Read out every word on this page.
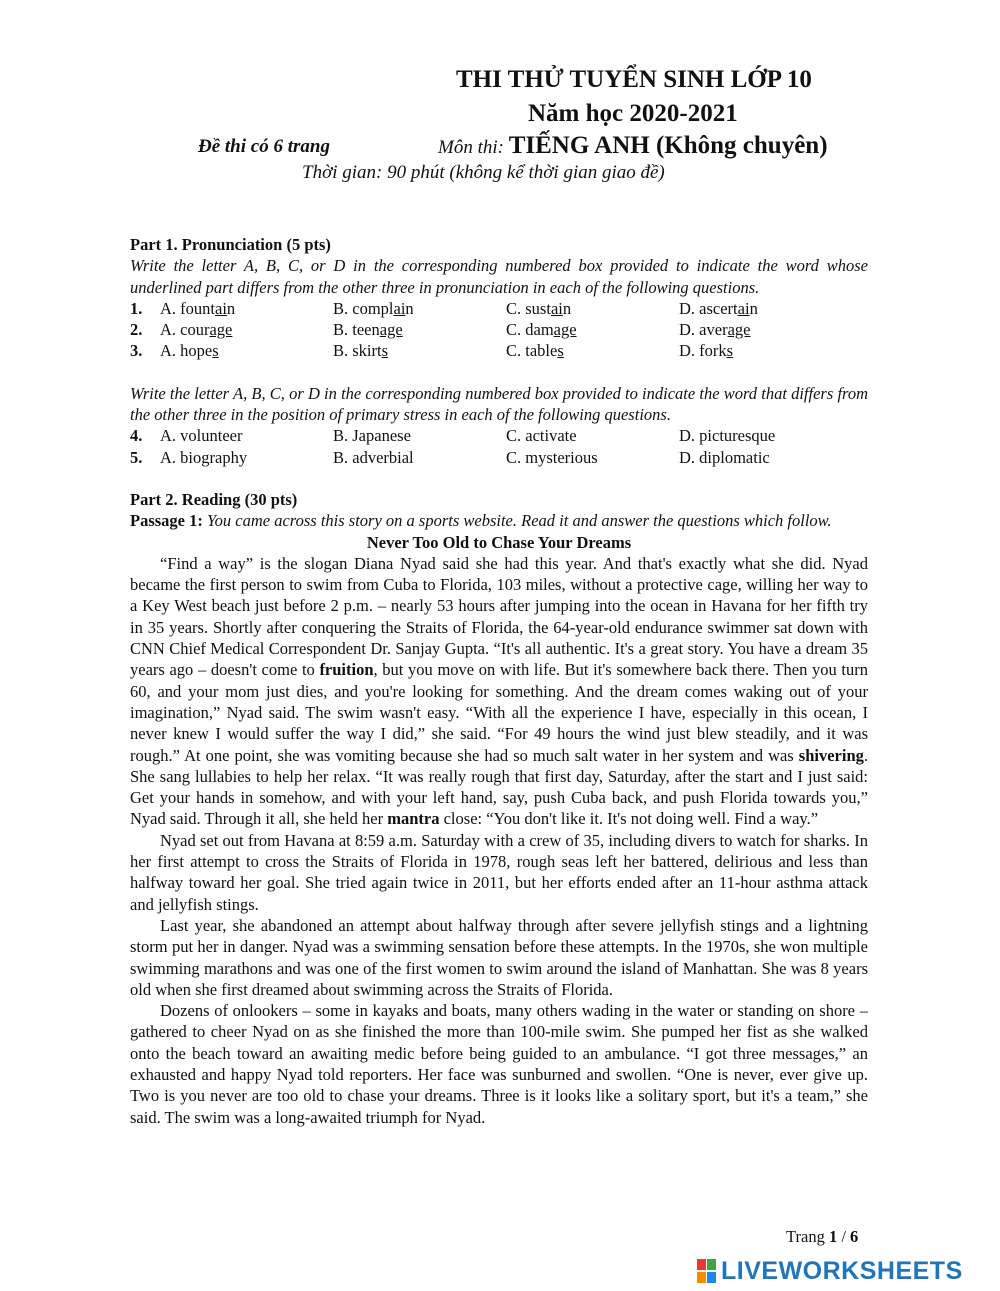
THI THỬ TUYỂN SINH LỚP 10
Năm học 2020-2021
Đề thi có 6 trang	Môn thi: TIẾNG ANH (Không chuyên)
Thời gian: 90 phút (không kể thời gian giao đề)

Part 1. Pronunciation (5 pts)

Write the letter A, B, C, or D in the corresponding numbered box provided to indicate the word whose underlined part differs from the other three in pronunciation in each of the following questions.

1.	A. fountain	B. complain	C. sustain	D. ascertain
2.	A. courage	B. teenage	C. damage	D. average
3.	A. hopes	B. skirts	C. tables	D. forks

Write the letter A, B, C, or D in the corresponding numbered box provided to indicate the word that differs from the other three in the position of primary stress in each of the following questions.

4.	A. volunteer	B. Japanese	C. activate	D. picturesque
5.	A. biography	B. adverbial	C. mysterious	D. diplomatic

Part 2. Reading (30 pts)

Passage 1: You came across this story on a sports website. Read it and answer the questions which follow.

Never Too Old to Chase Your Dreams

“Find a way” is the slogan Diana Nyad said she had this year. And that's exactly what she did. Nyad became the first person to swim from Cuba to Florida, 103 miles, without a protective cage, willing her way to a Key West beach just before 2 p.m. – nearly 53 hours after jumping into the ocean in Havana for her fifth try in 35 years. Shortly after conquering the Straits of Florida, the 64-year-old endurance swimmer sat down with CNN Chief Medical Correspondent Dr. Sanjay Gupta. “It's all authentic. It's a great story. You have a dream 35 years ago – doesn't come to fruition, but you move on with life. But it's somewhere back there. Then you turn 60, and your mom just dies, and you're looking for something. And the dream comes waking out of your imagination,” Nyad said. The swim wasn't easy. “With all the experience I have, especially in this ocean, I never knew I would suffer the way I did,” she said. “For 49 hours the wind just blew steadily, and it was rough.” At one point, she was vomiting because she had so much salt water in her system and was shivering. She sang lullabies to help her relax. “It was really rough that first day, Saturday, after the start and I just said: Get your hands in somehow, and with your left hand, say, push Cuba back, and push Florida towards you,” Nyad said. Through it all, she held her mantra close: “You don't like it. It's not doing well. Find a way.”

Nyad set out from Havana at 8:59 a.m. Saturday with a crew of 35, including divers to watch for sharks. In her first attempt to cross the Straits of Florida in 1978, rough seas left her battered, delirious and less than halfway toward her goal. She tried again twice in 2011, but her efforts ended after an 11-hour asthma attack and jellyfish stings.

Last year, she abandoned an attempt about halfway through after severe jellyfish stings and a lightning storm put her in danger. Nyad was a swimming sensation before these attempts. In the 1970s, she won multiple swimming marathons and was one of the first women to swim around the island of Manhattan. She was 8 years old when she first dreamed about swimming across the Straits of Florida.

Dozens of onlookers – some in kayaks and boats, many others wading in the water or standing on shore – gathered to cheer Nyad on as she finished the more than 100-mile swim. She pumped her fist as she walked onto the beach toward an awaiting medic before being guided to an ambulance. “I got three messages,” an exhausted and happy Nyad told reporters. Her face was sunburned and swollen. “One is never, ever give up. Two is you never are too old to chase your dreams. Three is it looks like a solitary sport, but it's a team,” she said. The swim was a long-awaited triumph for Nyad.

Trang 1 / 6
LIVEWORKSHEETS
